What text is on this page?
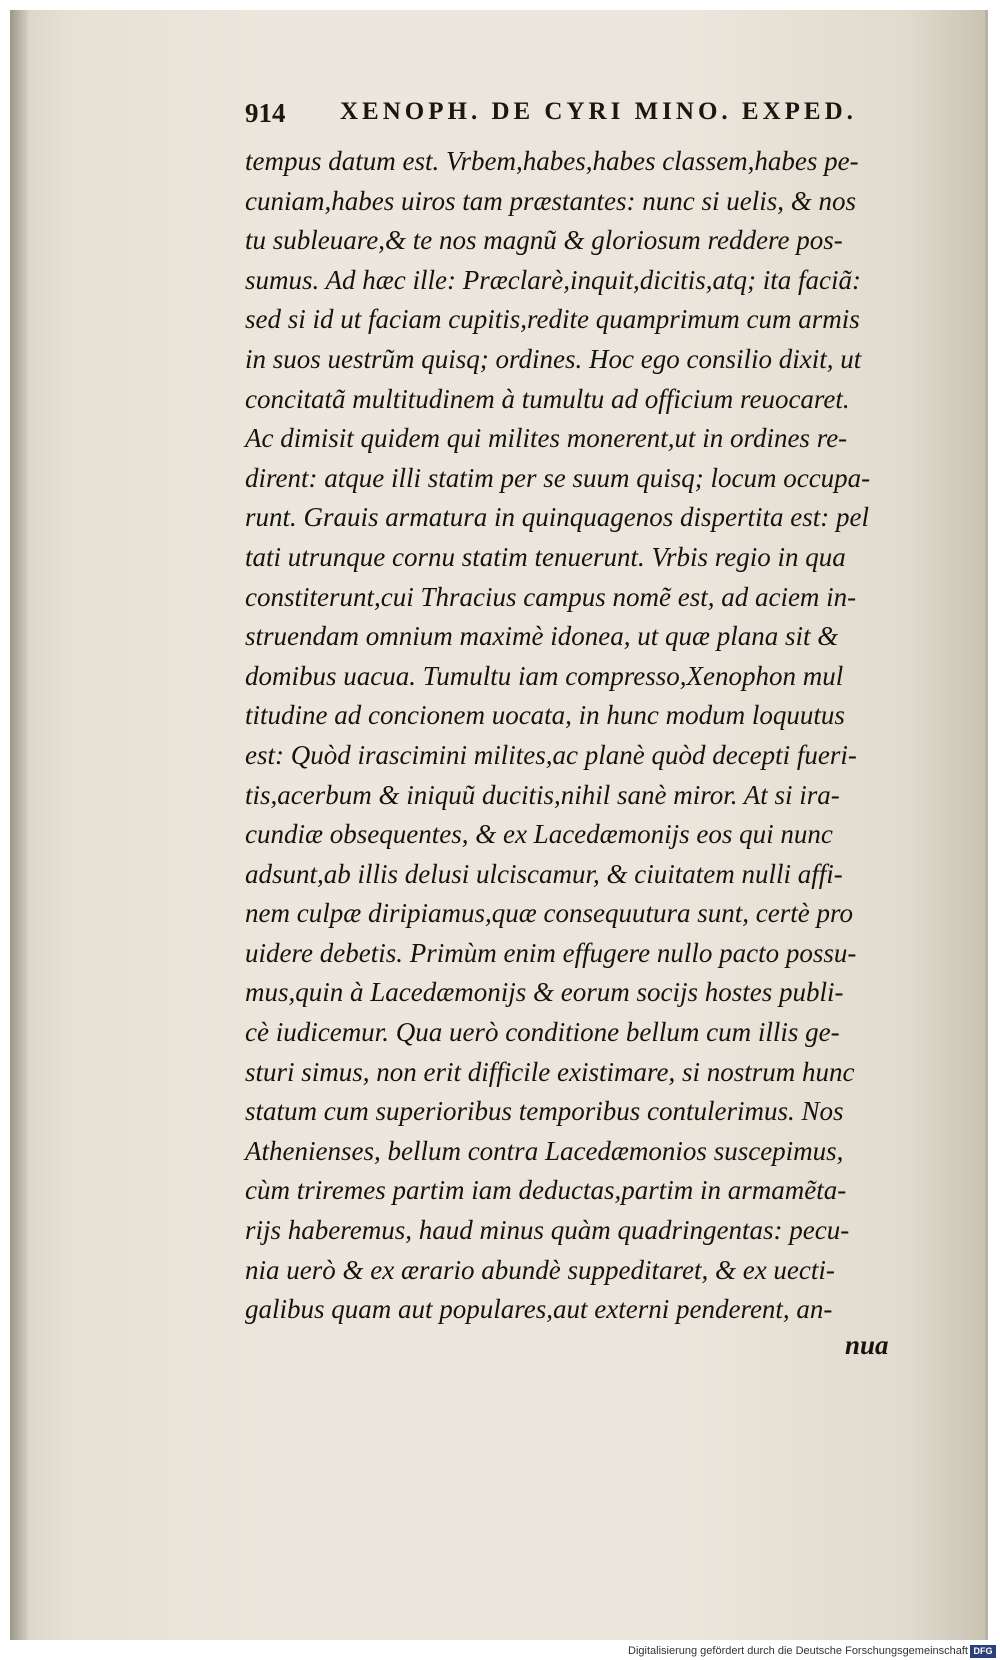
914 XENOPH. DE CYRI MINO. EXPED.
tempus datum est. Vrbem,habes,habes classem,habes pe-
cuniam,habes uiros tam præstantes: nunc si uelis, & nos
tu subleuare,& te nos magnũ & gloriosum reddere pos-
sumus. Ad hæc ille: Præclarè,inquit,dicitis,atq; ita faciã:
sed si id ut faciam cupitis,redite quamprimum cum armis
in suos uestrũm quisq; ordines. Hoc ego consilio dixit, ut
concitatã multitudinem à tumultu ad officium reuocaret.
Ac dimisit quidem qui milites monerent,ut in ordines re-
dirent: atque illi statim per se suum quisq; locum occupa-
runt. Grauis armatura in quinquagenos dispertita est: pel
tati utrunque cornu statim tenuerunt. Vrbis regio in qua
constiterunt,cui Thracius campus nomẽ est, ad aciem in-
struendam omnium maximè idonea, ut quæ plana sit &
domibus uacua. Tumultu iam compresso,Xenophon mul
titudine ad concionem uocata, in hunc modum loquutus
est: Quòd irascimini milites,ac planè quòd decepti fueri-
tis,acerbum & iniquũ ducitis,nihil sanè miror. At si ira-
cundiæ obsequentes, & ex Lacedæmonijs eos qui nunc
adsunt,ab illis delusi ulciscamur, & ciuitatem nulli affi-
nem culpæ diripiamus,quæ consequutura sunt, certè pro
uidere debetis. Primùm enim effugere nullo pacto possu-
mus,quin à Lacedæmonijs & eorum socijs hostes publi-
cè iudicemur. Qua uerò conditione bellum cum illis ge-
sturi simus, non erit difficile existimare, si nostrum hunc
statum cum superioribus temporibus contulerimus. Nos
Athenienses, bellum contra Lacedæmonios suscepimus,
cùm triremes partim iam deductas,partim in armamẽta-
rijs haberemus, haud minus quàm quadringentas: pecu-
nia uerò & ex ærario abundè suppeditaret, & ex uecti-
galibus quam aut populares,aut externi penderent, an-
nua
Digitalisierung gefördert durch die Deutsche Forschungsgemeinschaft DFG
